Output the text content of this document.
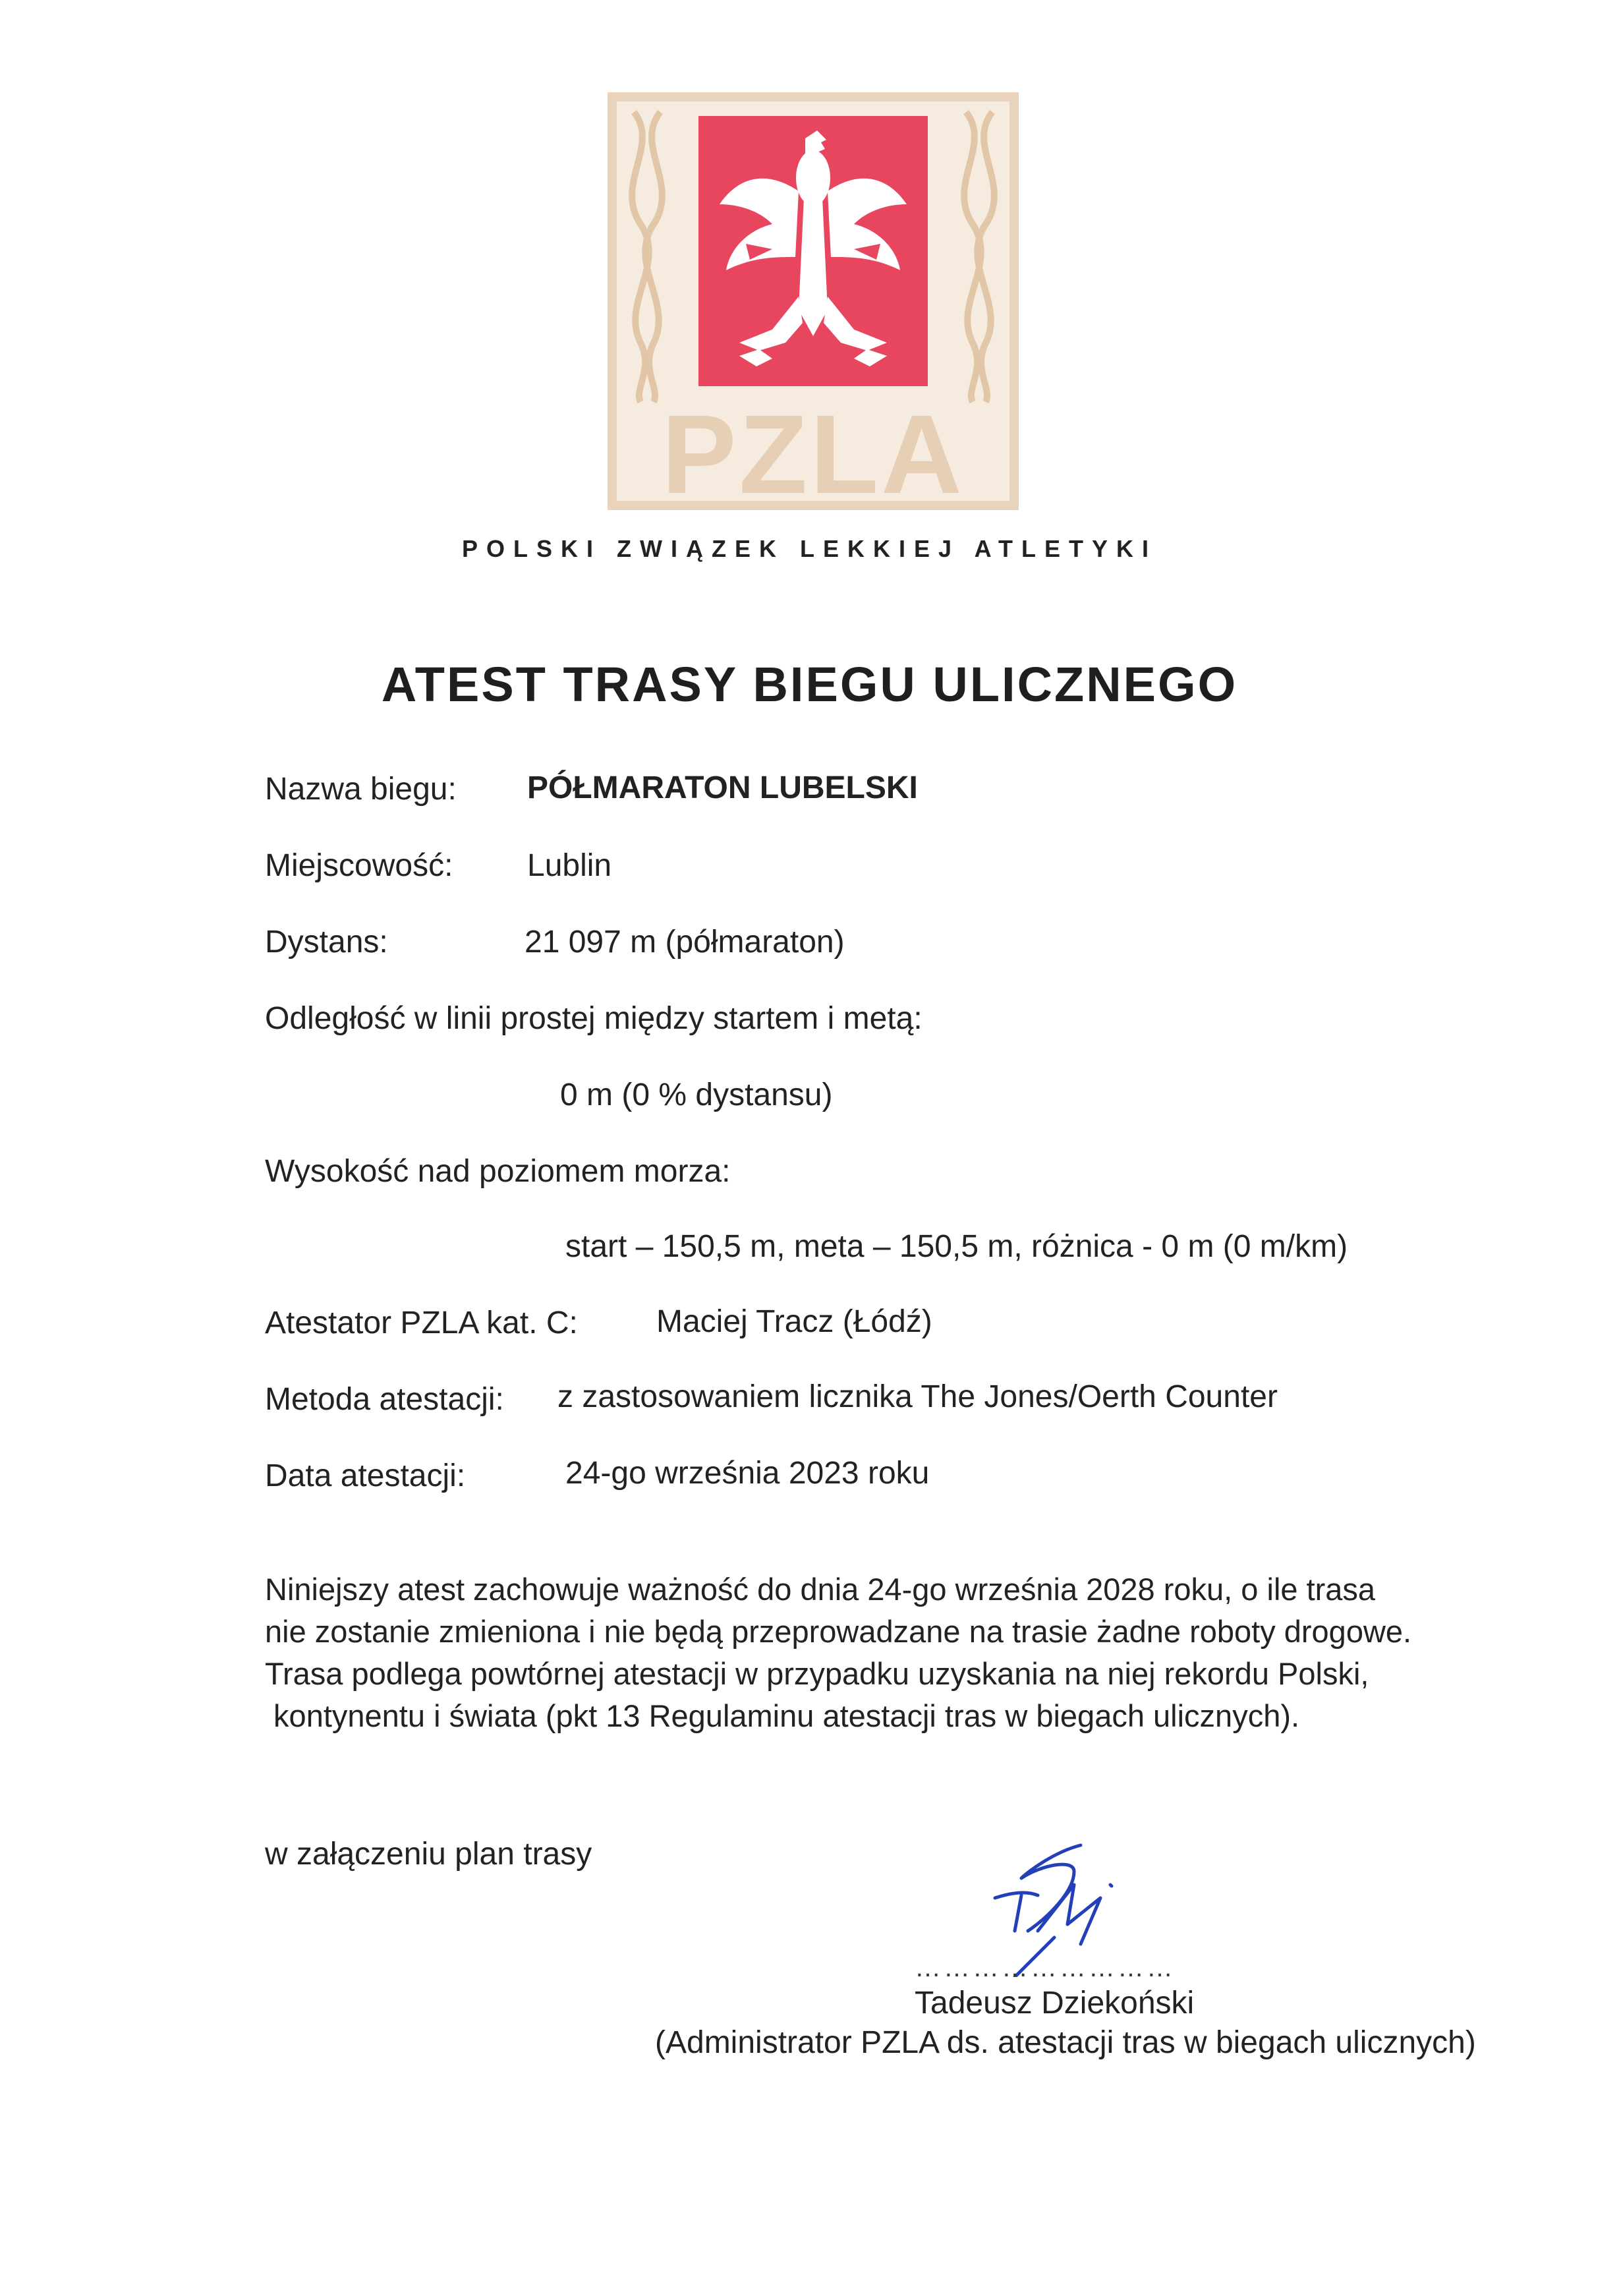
PZLA
POLSKI ZWIĄZEK LEKKIEJ ATLETYKI
ATEST TRASY BIEGU ULICZNEGO
Nazwa biegu: PÓŁMARATON LUBELSKI
Miejscowość: Lublin
Dystans:	21 097 m (półmaraton)
Odległość w linii prostej między startem i metą:
0 m (0 % dystansu)
Wysokość nad poziomem morza:
start – 150,5 m, meta – 150,5 m, różnica - 0 m (0 m/km)
Atestator PZLA kat. C: Maciej Tracz (Łódź)
Metoda atestacji: z zastosowaniem licznika The Jones/Oerth Counter
Data atestacji:	24-go września 2023 roku
Niniejszy atest zachowuje ważność do dnia 24-go września 2028 roku, o ile trasa
nie zostanie zmieniona i nie będą przeprowadzane na trasie żadne roboty drogowe.
Trasa podlega powtórnej atestacji w przypadku uzyskania na niej rekordu Polski,
kontynentu i świata (pkt 13 Regulaminu atestacji tras w biegach ulicznych).
w załączeniu plan trasy
………………………
Tadeusz Dziekoński
(Administrator PZLA ds. atestacji tras w biegach ulicznych)
